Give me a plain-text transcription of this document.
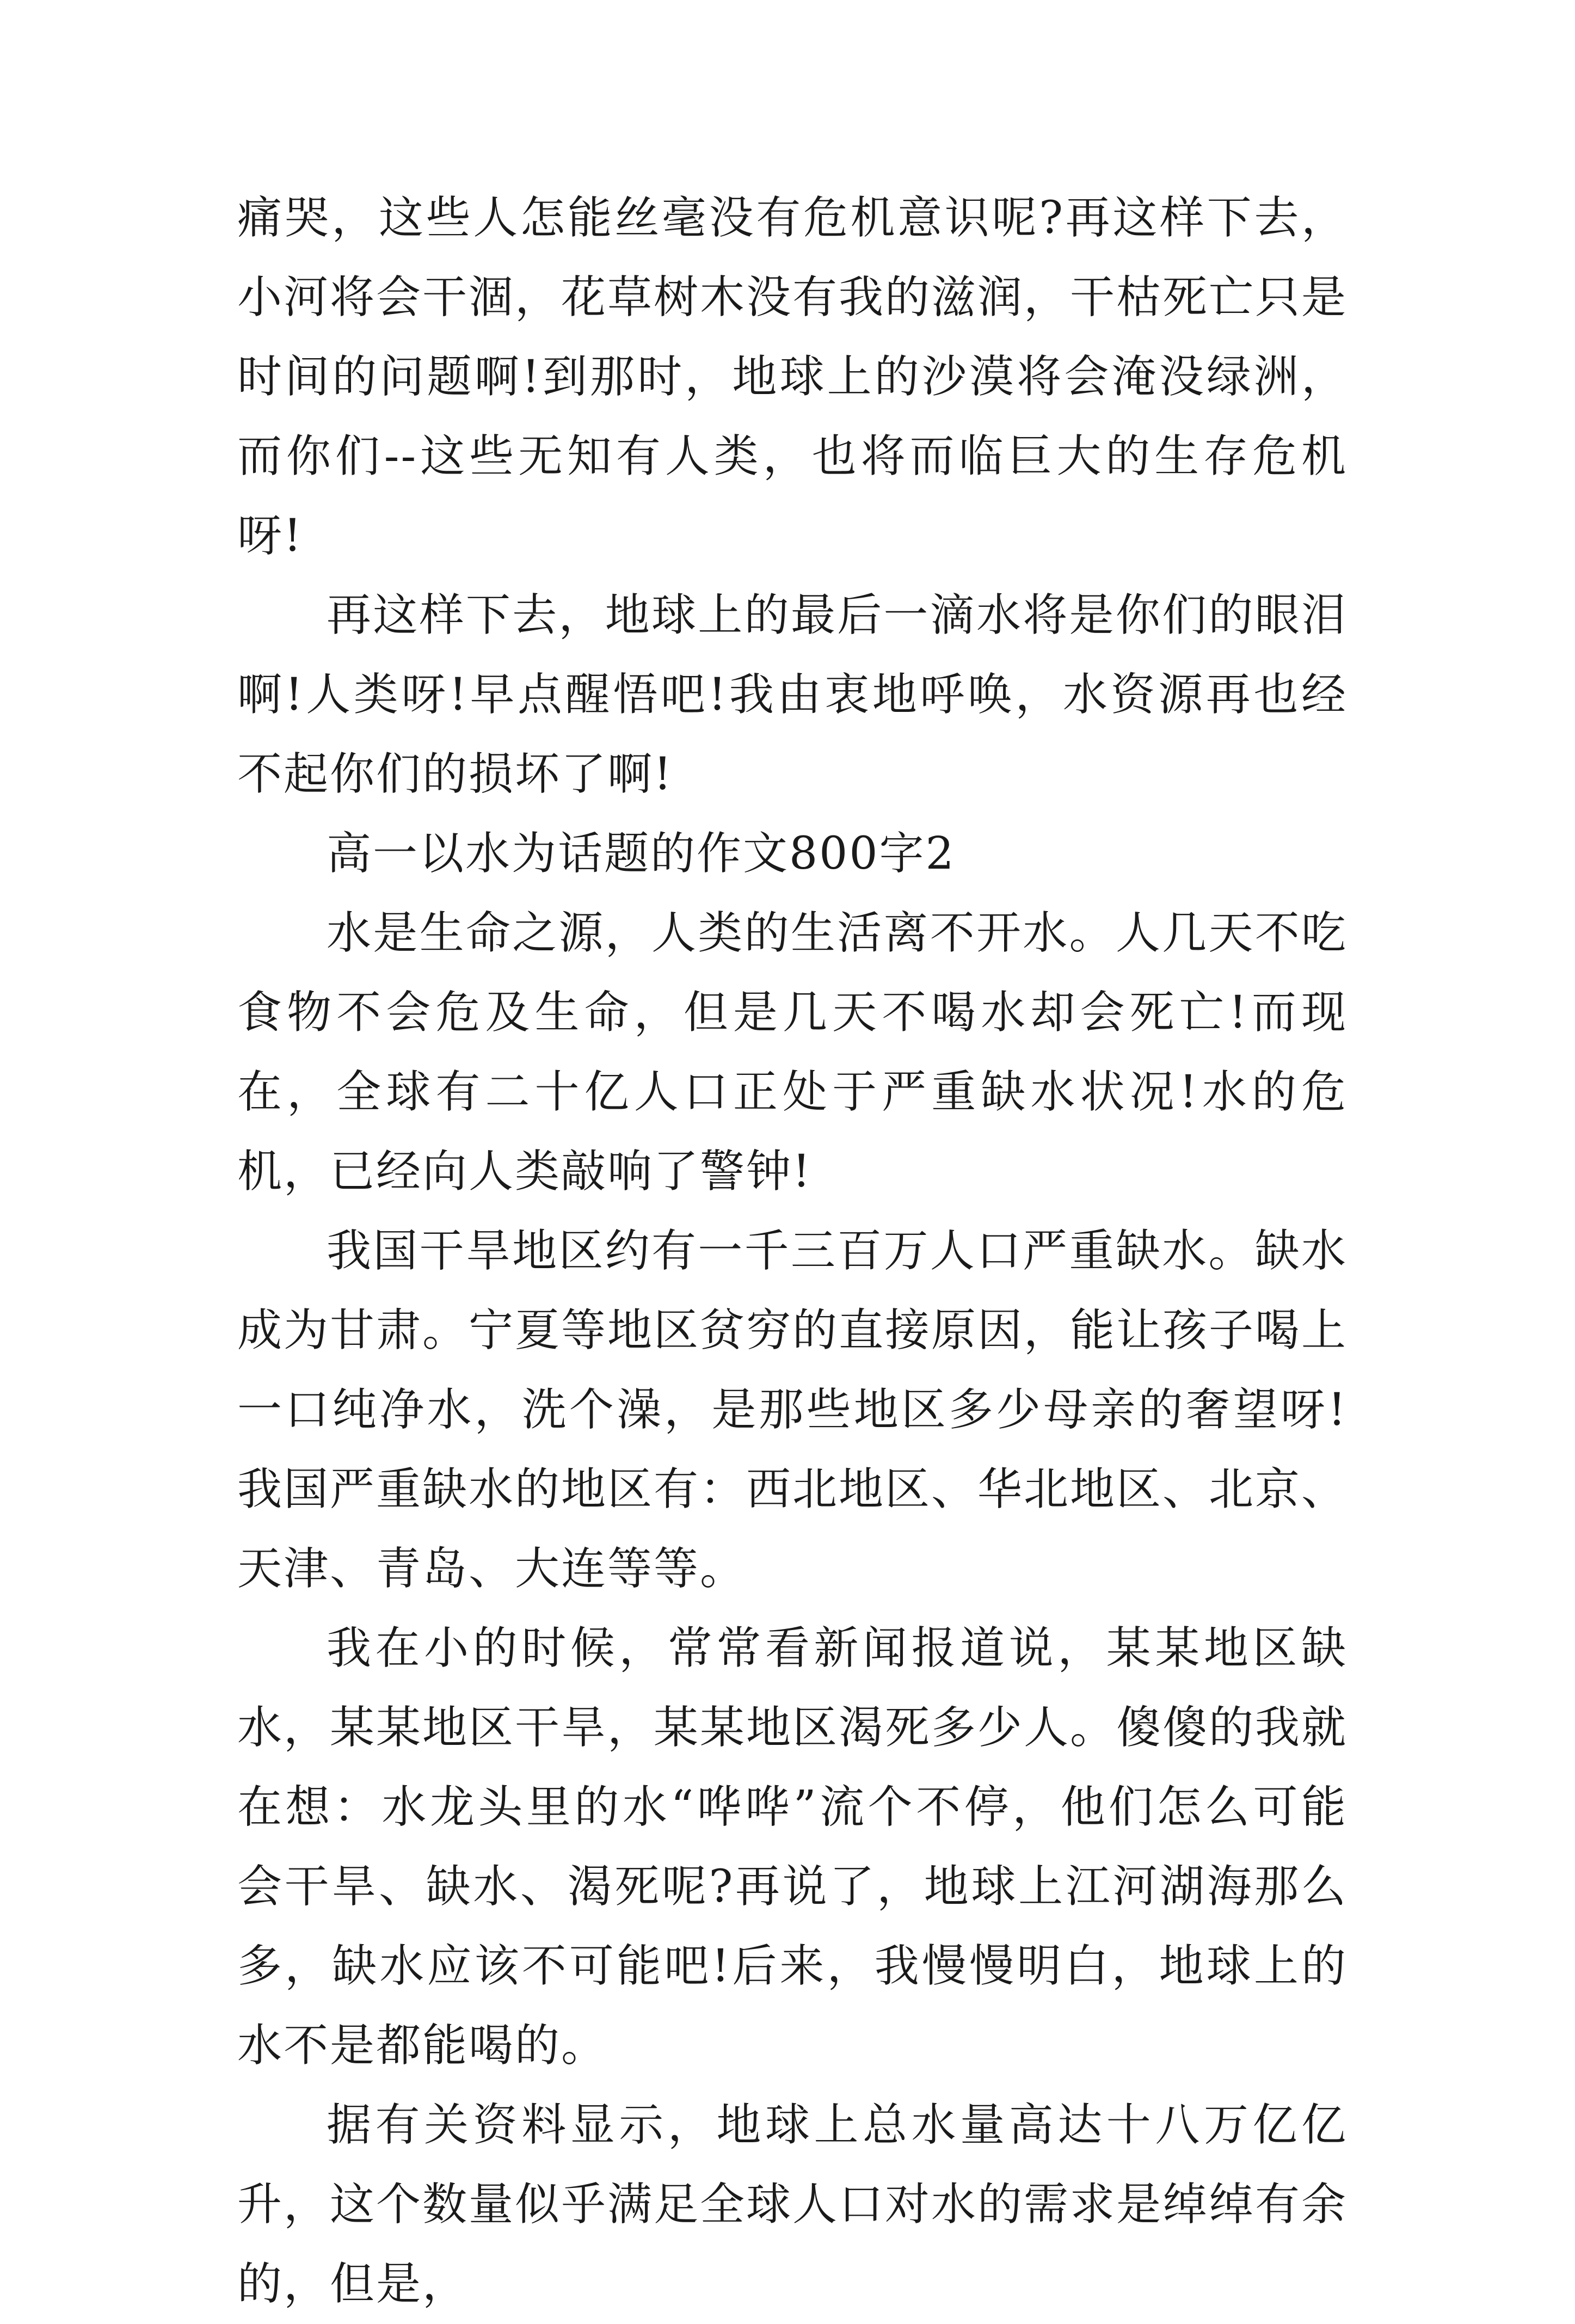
痛哭，这些人怎能丝毫没有危机意识呢?再这样下去，小河将会干涸，花草树木没有我的滋润，干枯死亡只是时间的问题啊!到那时，地球上的沙漠将会淹没绿洲，而你们--这些无知有人类，也将而临巨大的生存危机呀!

再这样下去，地球上的最后一滴水将是你们的眼泪啊!人类呀!早点醒悟吧!我由衷地呼唤，水资源再也经不起你们的损坏了啊!

高一以水为话题的作文800字2

水是生命之源，人类的生活离不开水。人几天不吃食物不会危及生命，但是几天不喝水却会死亡!而现在，全球有二十亿人口正处于严重缺水状况!水的危机，已经向人类敲响了警钟!

我国干旱地区约有一千三百万人口严重缺水。缺水成为甘肃。宁夏等地区贫穷的直接原因，能让孩子喝上一口纯净水，洗个澡，是那些地区多少母亲的奢望呀!我国严重缺水的地区有：西北地区、华北地区、北京、天津、青岛、大连等等。

我在小的时候，常常看新闻报道说，某某地区缺水，某某地区干旱，某某地区渴死多少人。傻傻的我就在想：水龙头里的水“哗哗”流个不停，他们怎么可能会干旱、缺水、渴死呢?再说了，地球上江河湖海那么多，缺水应该不可能吧!后来，我慢慢明白，地球上的水不是都能喝的。

据有关资料显示，地球上总水量高达十八万亿亿升，这个数量似乎满足全球人口对水的需求是绰绰有余的，但是，
